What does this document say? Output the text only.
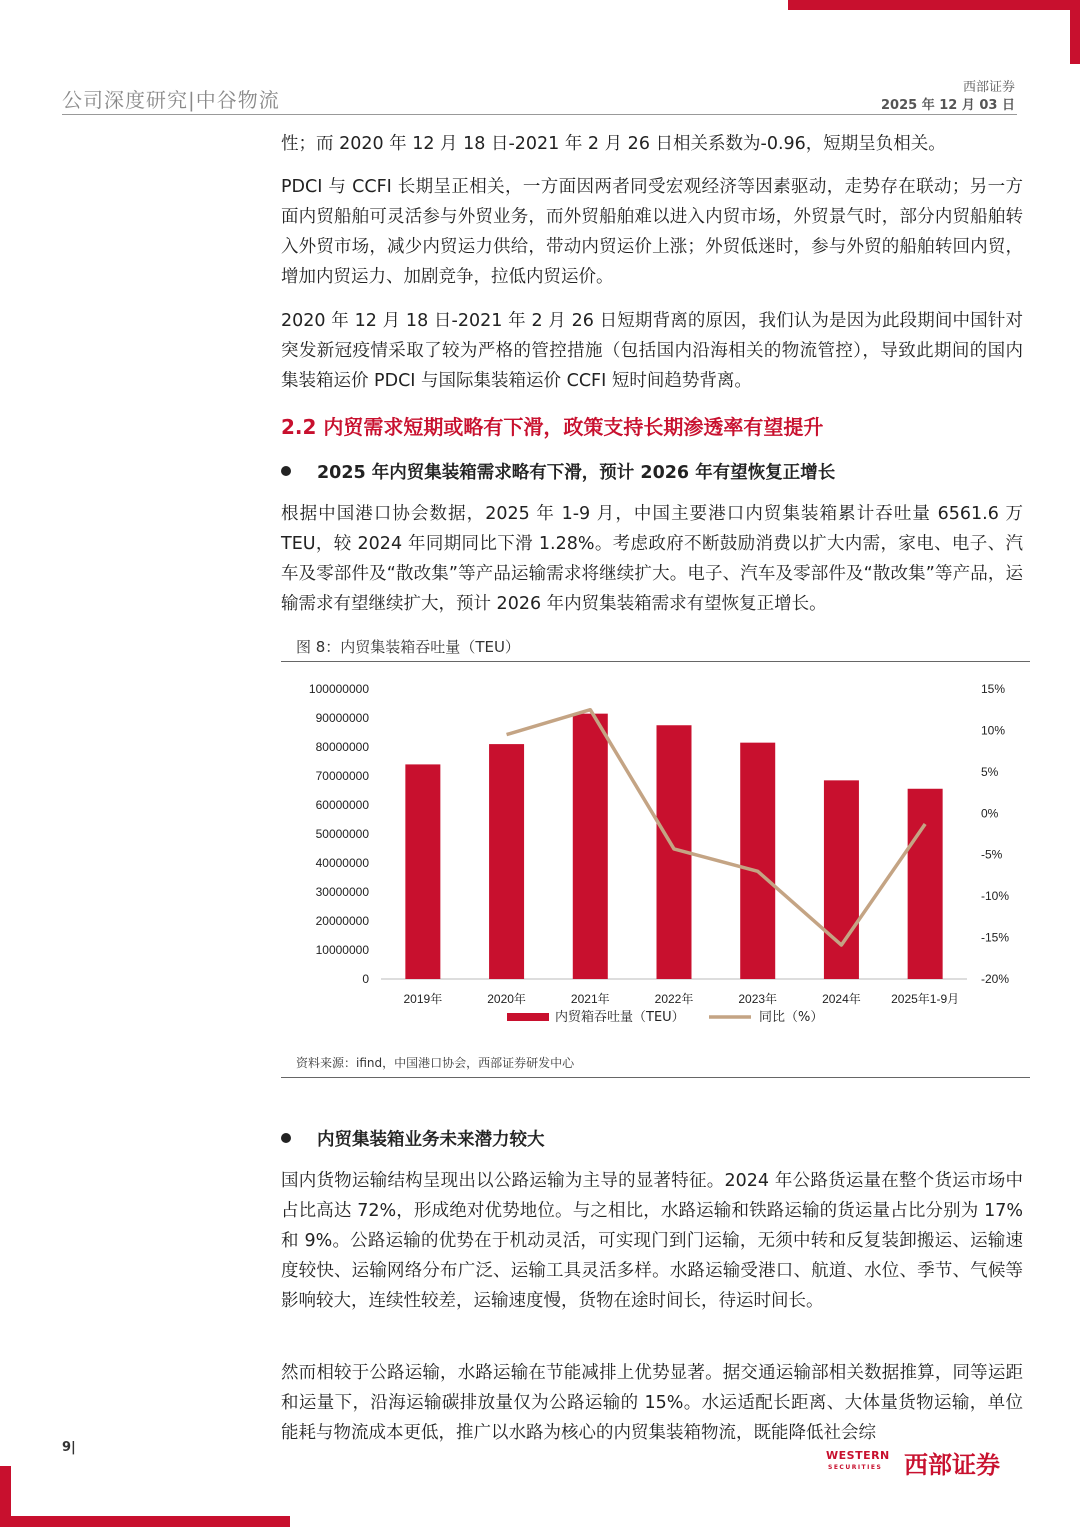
公司深度研究|中谷物流
西部证券
2025 年 12 月 03 日

性；而 2020 年 12 月 18 日-2021 年 2 月 26 日相关系数为-0.96，短期呈负相关。

PDCI 与 CCFI 长期呈正相关，一方面因两者同受宏观经济等因素驱动，走势存在联动；另一方面内贸船舶可灵活参与外贸业务，而外贸船舶难以进入内贸市场，外贸景气时，部分内贸船舶转入外贸市场，减少内贸运力供给，带动内贸运价上涨；外贸低迷时，参与外贸的船舶转回内贸，增加内贸运力、加剧竞争，拉低内贸运价。

2020 年 12 月 18 日-2021 年 2 月 26 日短期背离的原因，我们认为是因为此段期间中国针对突发新冠疫情采取了较为严格的管控措施（包括国内沿海相关的物流管控），导致此期间的国内集装箱运价 PDCI 与国际集装箱运价 CCFI 短时间趋势背离。

2.2 内贸需求短期或略有下滑，政策支持长期渗透率有望提升
2025 年内贸集装箱需求略有下滑，预计 2026 年有望恢复正增长

根据中国港口协会数据，2025 年 1-9 月，中国主要港口内贸集装箱累计吞吐量 6561.6 万 TEU，较 2024 年同期同比下滑 1.28%。考虑政府不断鼓励消费以扩大内需，家电、电子、汽车及零部件及“散改集”等产品运输需求将继续扩大。电子、汽车及零部件及“散改集”等产品，运输需求有望继续扩大，预计 2026 年内贸集装箱需求有望恢复正增长。

图 8：内贸集装箱吞吐量（TEU）
100000000
90000000
80000000
70000000
60000000
50000000
40000000
30000000
20000000
10000000
0
15%
10%
5%
0%
-5%
-10%
-15%
-20%
2019年	2020年	2021年	2022年	2023年	2024年	2025年1-9月
内贸箱吞吐量（TEU）	同比（%）
资料来源：ifind，中国港口协会，西部证券研发中心
内贸集装箱业务未来潜力较大

国内货物运输结构呈现出以公路运输为主导的显著特征。2024 年公路货运量在整个货运市场中占比高达 72%，形成绝对优势地位。与之相比，水路运输和铁路运输的货运量占比分别为 17%和 9%。公路运输的优势在于机动灵活，可实现门到门运输，无须中转和反复装卸搬运、运输速度较快、运输网络分布广泛、运输工具灵活多样。水路运输受港口、航道、水位、季节、气候等影响较大，连续性较差，运输速度慢，货物在途时间长，待运时间长。

然而相较于公路运输，水路运输在节能减排上优势显著。据交通运输部相关数据推算，同等运距和运量下，沿海运输碳排放量仅为公路运输的 15%。水运适配长距离、大体量货物运输，单位能耗与物流成本更低，推广以水路为核心的内贸集装箱物流，既能降低社会综

9|
WESTERN
SECURITIES 西部证券
